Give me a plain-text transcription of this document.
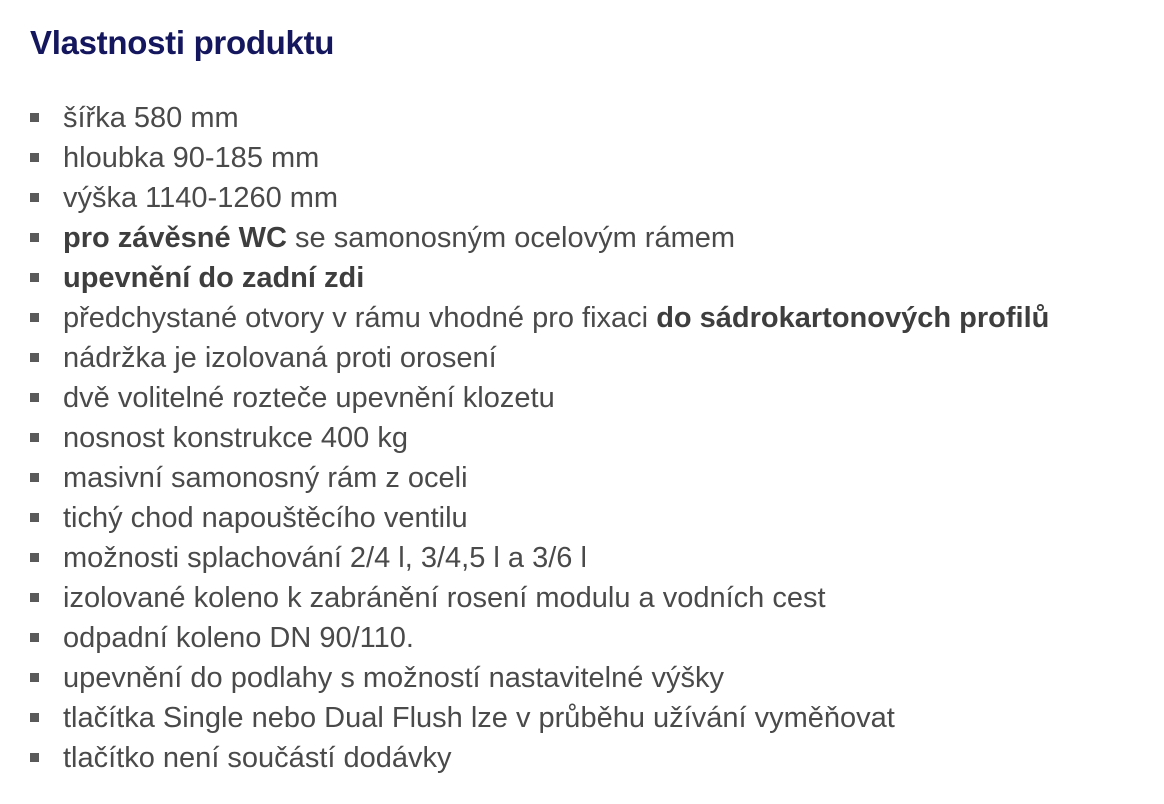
Vlastnosti produktu
šířka 580 mm
hloubka 90-185 mm
výška 1140-1260 mm
pro závěsné WC se samonosným ocelovým rámem
upevnění do zadní zdi
předchystané otvory v rámu vhodné pro fixaci do sádrokartonových profilů
nádržka je izolovaná proti orosení
dvě volitelné rozteče upevnění klozetu
nosnost konstrukce 400 kg
masivní samonosný rám z oceli
tichý chod napouštěcího ventilu
možnosti splachování 2/4 l, 3/4,5 l a 3/6 l
izolované koleno k zabránění rosení modulu a vodních cest
odpadní koleno DN 90/110.
upevnění do podlahy s možností nastavitelné výšky
tlačítka Single nebo Dual Flush lze v průběhu užívání vyměňovat
tlačítko není součástí dodávky
